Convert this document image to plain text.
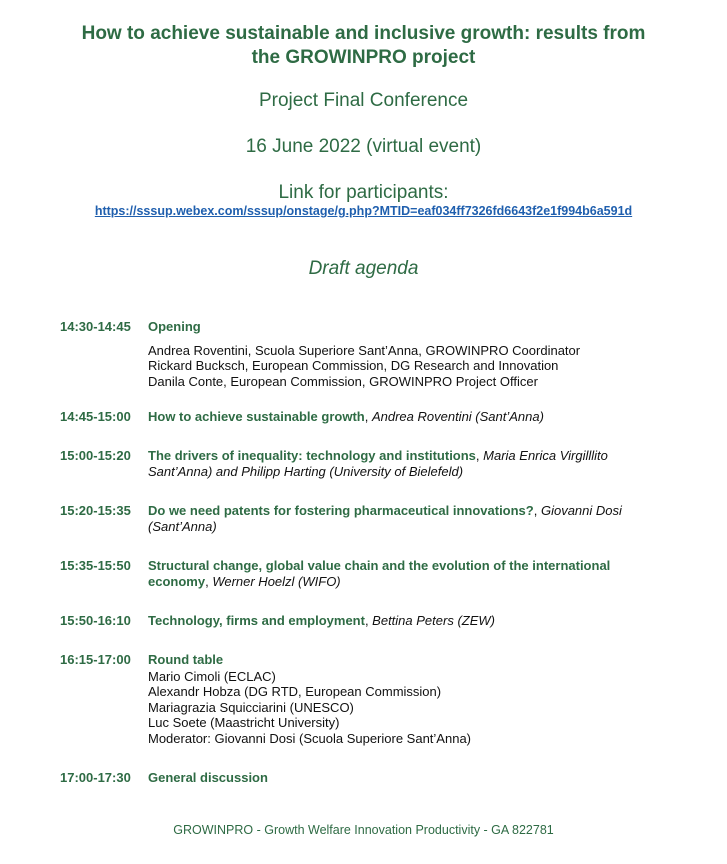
How to achieve sustainable and inclusive growth: results from
the GROWINPRO project
Project Final Conference
16 June 2022 (virtual event)
Link for participants:
https://sssup.webex.com/sssup/onstage/g.php?MTID=eaf034ff7326fd6643f2e1f994b6a591d
Draft agenda
14:30-14:45	Opening
Andrea Roventini, Scuola Superiore Sant’Anna, GROWINPRO Coordinator
Rickard Bucksch, European Commission, DG Research and Innovation
Danila Conte, European Commission, GROWINPRO Project Officer
14:45-15:00	How to achieve sustainable growth, Andrea Roventini (Sant’Anna)
15:00-15:20	The drivers of inequality: technology and institutions, Maria Enrica Virgilllito Sant’Anna) and Philipp Harting (University of Bielefeld)
15:20-15:35	Do we need patents for fostering pharmaceutical innovations?, Giovanni Dosi (Sant’Anna)
15:35-15:50	Structural change, global value chain and the evolution of the international economy, Werner Hoelzl (WIFO)
15:50-16:10	Technology, firms and employment, Bettina Peters (ZEW)
16:15-17:00	Round table
Mario Cimoli (ECLAC)
Alexandr Hobza (DG RTD, European Commission)
Mariagrazia Squicciarini (UNESCO)
Luc Soete (Maastricht University)
Moderator: Giovanni Dosi (Scuola Superiore Sant’Anna)
17:00-17:30	General discussion
GROWINPRO - Growth Welfare Innovation Productivity - GA 822781
